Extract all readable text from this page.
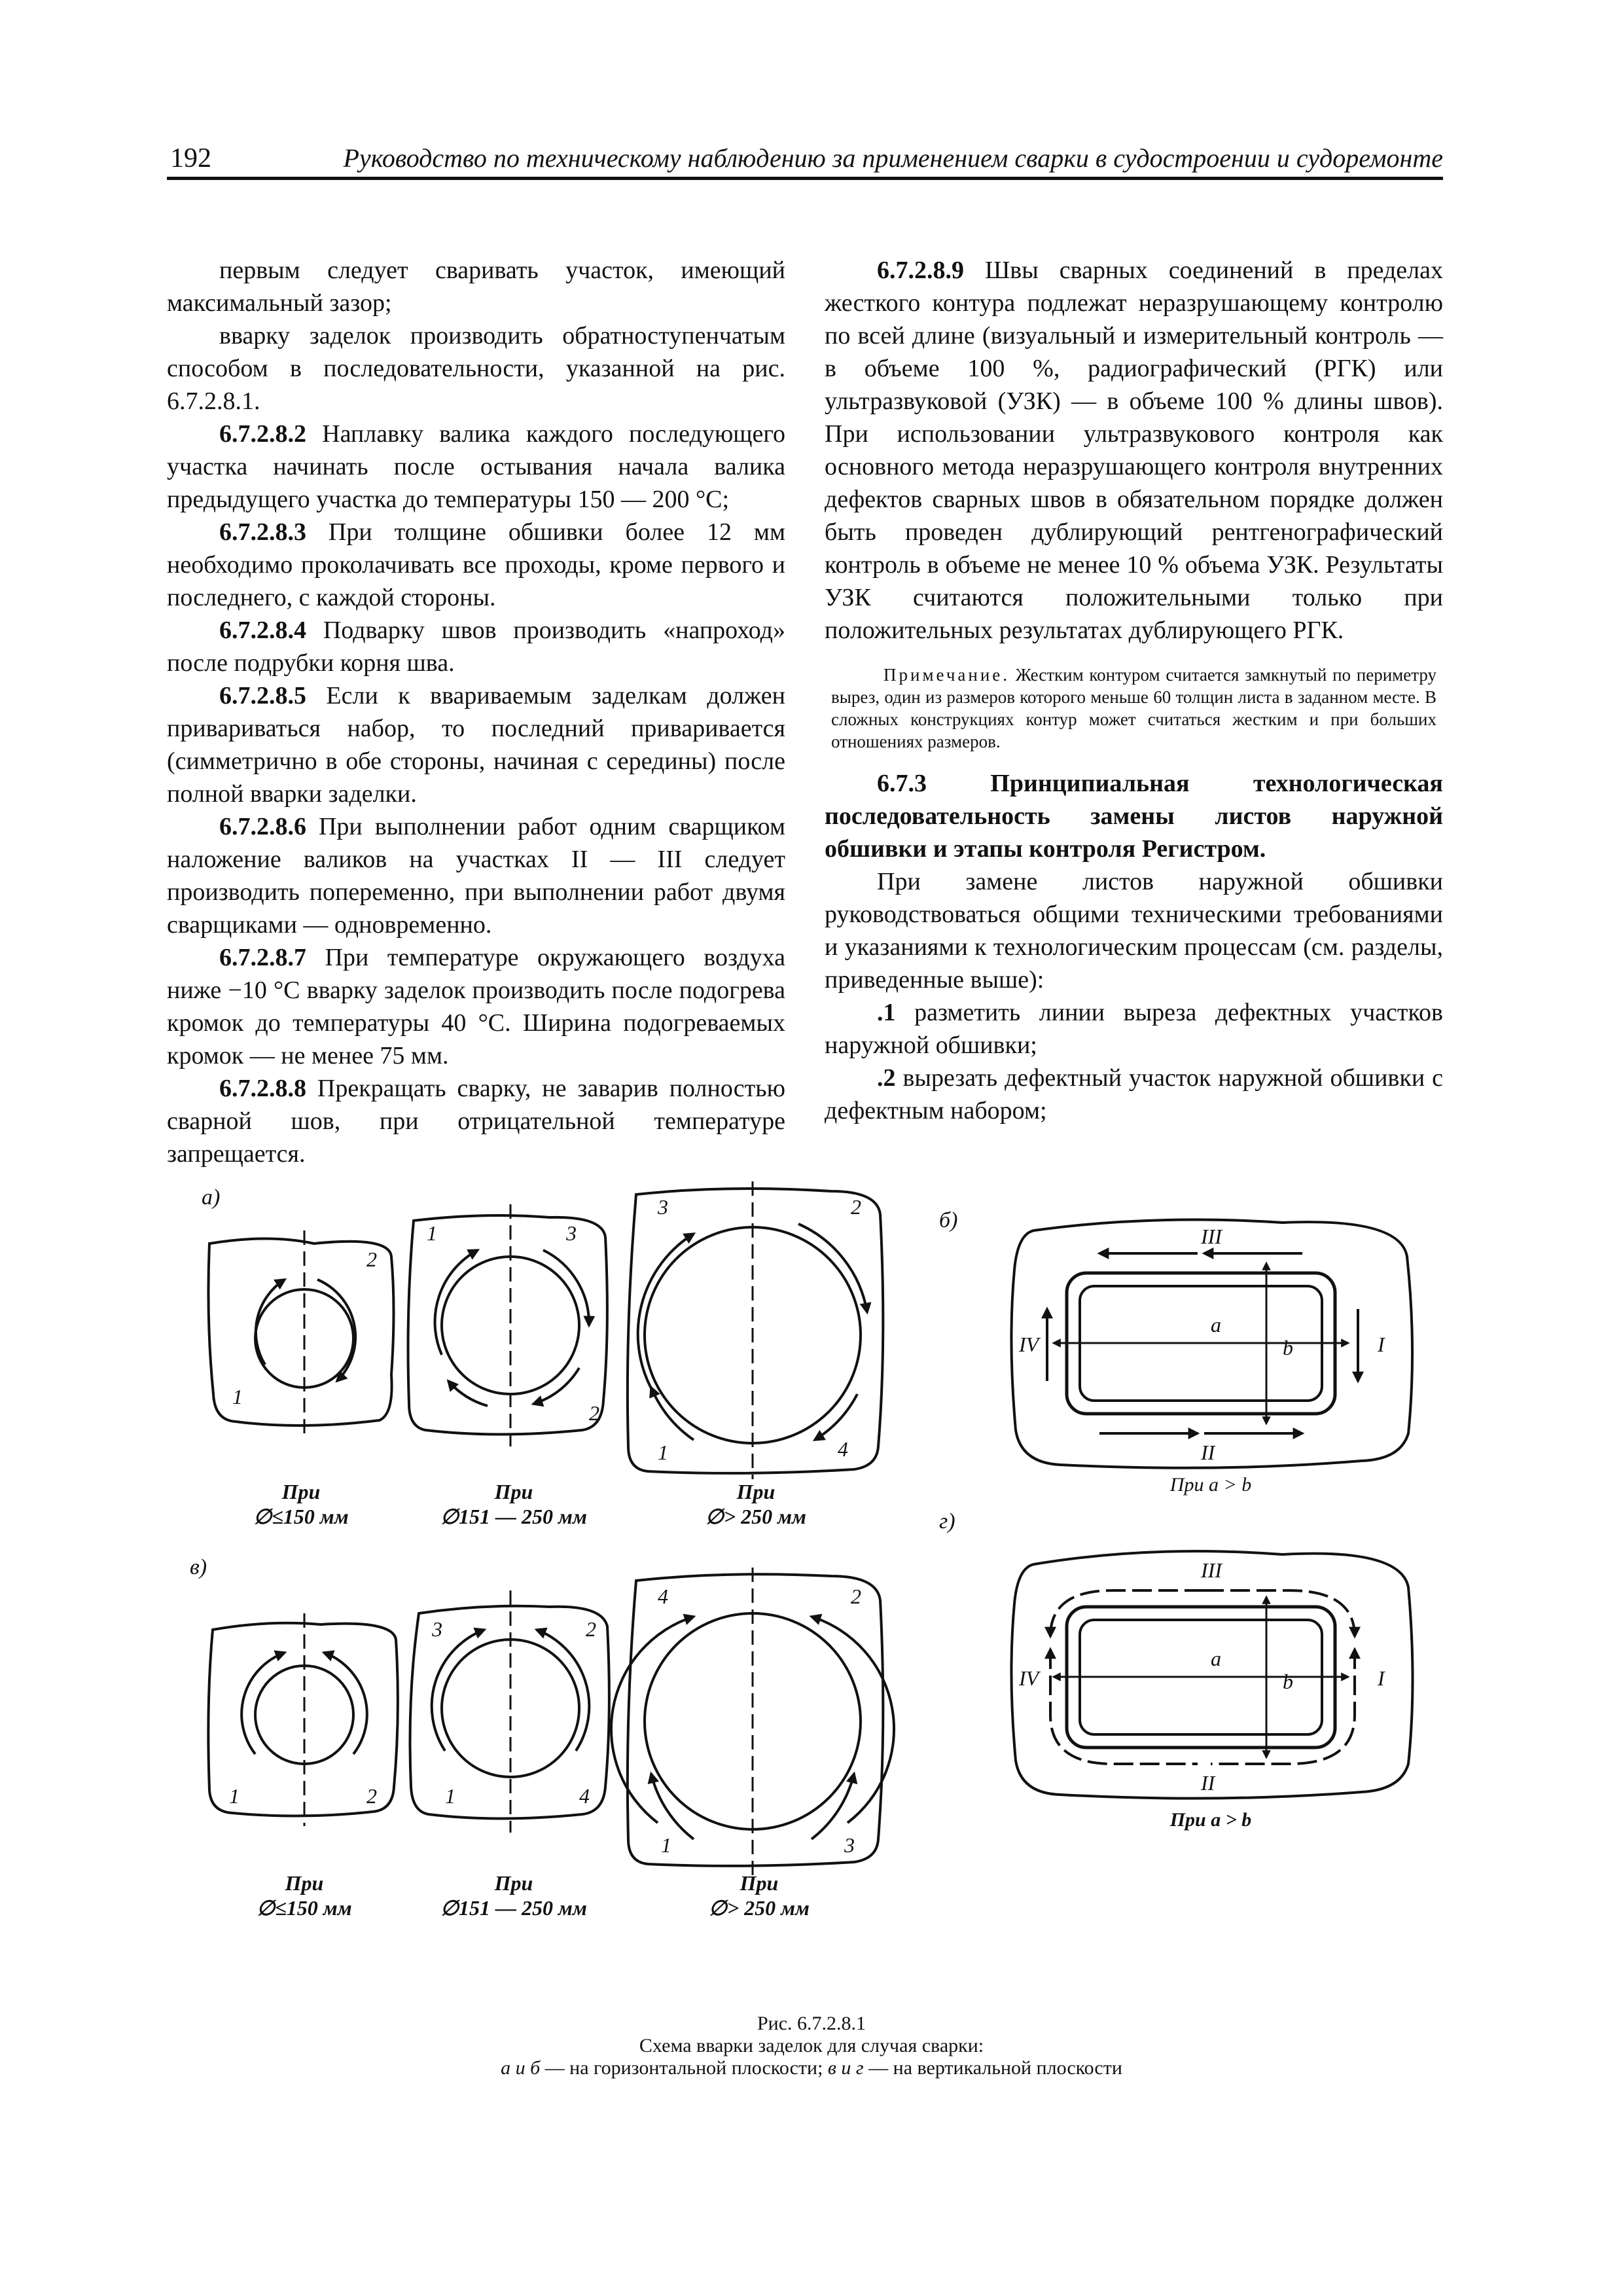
192	Руководство по техническому наблюдению за применением сварки в судостроении и судоремонте

первым следует сваривать участок, имеющий максимальный зазор;

вварку заделок производить обратноступенчатым способом в последовательности, указанной на рис. 6.7.2.8.1.

6.7.2.8.2 Наплавку валика каждого последующего участка начинать после остывания начала валика предыдущего участка до температуры 150 — 200 °С;

6.7.2.8.3 При толщине обшивки более 12 мм необходимо проколачивать все проходы, кроме первого и последнего, с каждой стороны.

6.7.2.8.4 Подварку швов производить «напроход» после подрубки корня шва.

6.7.2.8.5 Если к ввариваемым заделкам должен привариваться набор, то последний приваривается (симметрично в обе стороны, начиная с середины) после полной вварки заделки.

6.7.2.8.6 При выполнении работ одним сварщиком наложение валиков на участках II — III следует производить попеременно, при выполнении работ двумя сварщиками — одновременно.

6.7.2.8.7 При температуре окружающего воздуха ниже −10 °С вварку заделок производить после подогрева кромок до температуры 40 °С. Ширина подогреваемых кромок — не менее 75 мм.

6.7.2.8.8 Прекращать сварку, не заварив полностью сварной шов, при отрицательной температуре запрещается.

6.7.2.8.9 Швы сварных соединений в пределах жесткого контура подлежат неразрушающему контролю по всей длине (визуальный и измерительный контроль — в объеме 100 %, радиографический (РГК) или ультразвуковой (УЗК) — в объеме 100 % длины швов). При использовании ультразвукового контроля как основного метода неразрушающего контроля внутренних дефектов сварных швов в обязательном порядке должен быть проведен дублирующий рентгенографический контроль в объеме не менее 10 % объема УЗК. Результаты УЗК считаются положительными только при положительных результатах дублирующего РГК.

Примечание. Жестким контуром считается замкнутый по периметру вырез, один из размеров которого меньше 60 толщин листа в заданном месте. В сложных конструкциях контур может считаться жестким и при больших отношениях размеров.

6.7.3 Принципиальная технологическая последовательность замены листов наружной обшивки и этапы контроля Регистром.

При замене листов наружной обшивки руководствоваться общими техническими требованиями и указаниями к технологическим процессам (см. разделы, приведенные выше):

.1 разметить линии выреза дефектных участков наружной обшивки;

.2 вырезать дефектный участок наружной обшивки с дефектным набором;

а)
2
1
1	3
2
3	2
1	4
При
∅≤150 мм
При
∅151 — 250 мм
При
∅> 250 мм
в)
1	2
3	2
1	4
4	2
1	3
При
∅≤150 мм
При
∅151 — 250 мм
При
∅> 250 мм
б)
III
II
IV	I
a
b
При a > b
г)
III
II
IV	I
a
b
При a > b
Рис. 6.7.2.8.1
Схема вварки заделок для случая сварки:
а и б — на горизонтальной плоскости; в и г — на вертикальной плоскости
